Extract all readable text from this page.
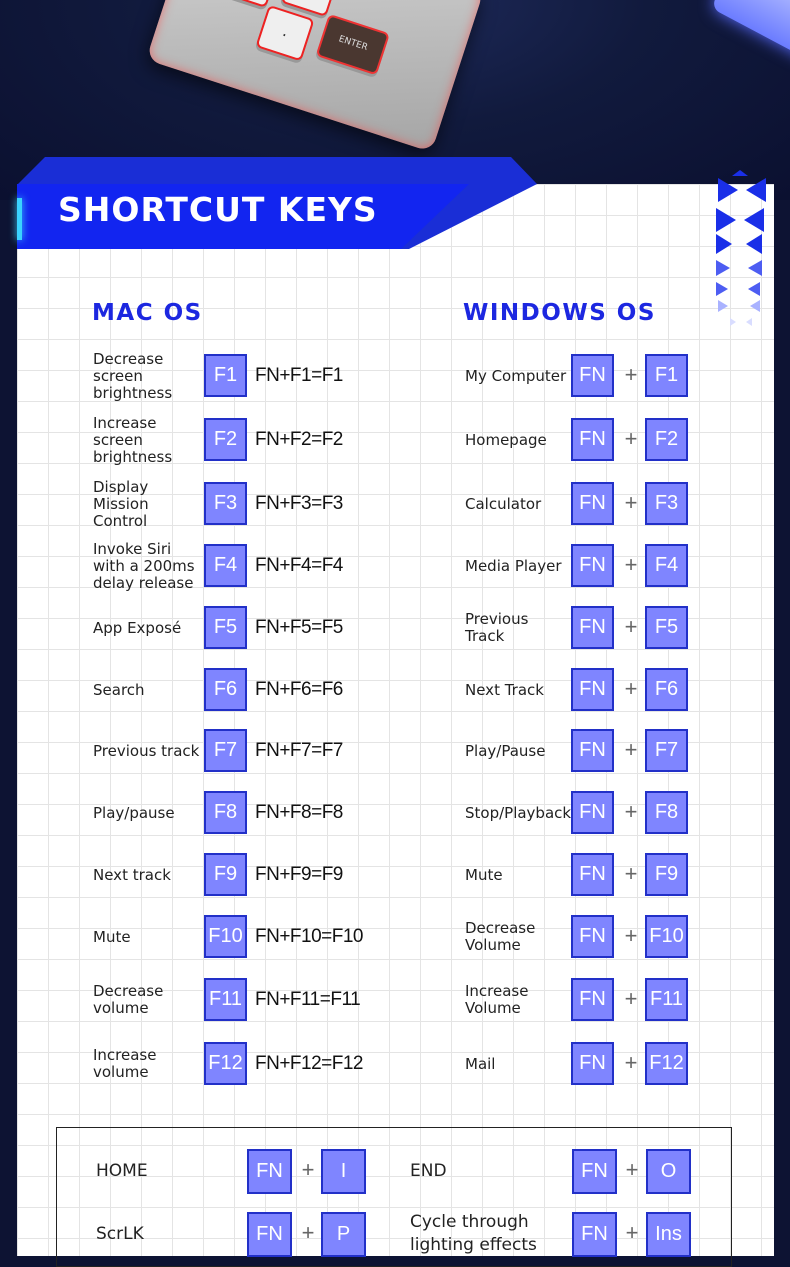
.
ENTER
SHORTCUT KEYS
MAC OS	WINDOWS OS
Decrease
screen
brightness
F1 FN+F1=F1
Increase
screen
brightness
F2 FN+F2=F2
Display
Mission
Control
F3 FN+F3=F3
Invoke Siri
with a 200ms
delay release
F4 FN+F4=F4
App Exposé	F5 FN+F5=F5
Search	F6 FN+F6=F6
Previous track F7 FN+F7=F7
Play/pause	F8 FN+F8=F8
Next track	F9 FN+F9=F9
Mute	F10 FN+F10=F10
Decrease
volume	F11 FN+F11=F11
Increase
volume	F12 FN+F12=F12
My Computer FN + F1
Homepage	FN + F2
Calculator	FN + F3
Media Player FN + F4
Previous
Track	FN + F5
Next Track	FN + F6
Play/Pause	FN + F7
Stop/Playback FN + F8
Mute	FN + F9
Decrease
Volume	FN + F10
Increase
Volume	FN + F11
Mail	FN + F12
HOME	FN +	I	END	FN +	O
ScrLK	FN +	P
Cycle through
lighting effects	FN + Ins
